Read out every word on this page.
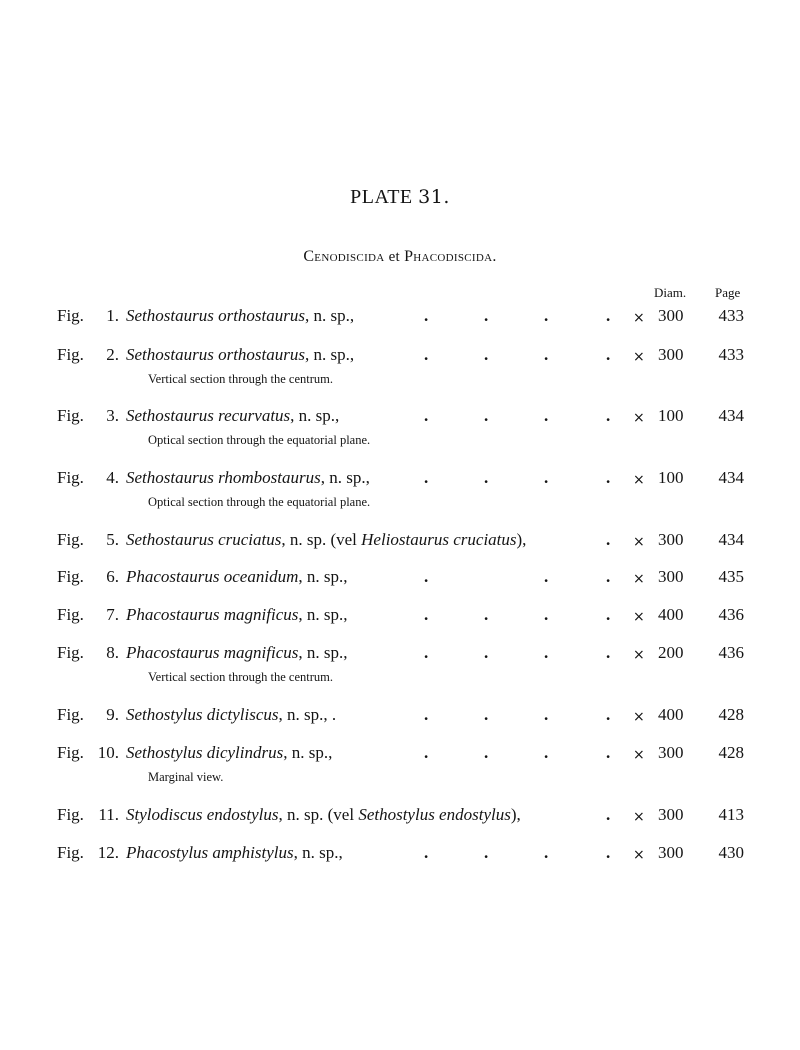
PLATE 31.
Cenodiscida et Phacodiscida.
Diam. Page
Fig.	1. Sethostaurus orthostaurus, n. sp.,	.	.	.	. × 300	433
Fig.	2. Sethostaurus orthostaurus, n. sp.,	.	.	.	. × 300	433
Vertical section through the centrum.
Fig.	3. Sethostaurus recurvatus, n. sp.,	.	.	.	. × 100	434
Optical section through the equatorial plane.
Fig.	4. Sethostaurus rhombostaurus, n. sp.,	.	.	.	. × 100	434
Optical section through the equatorial plane.
Fig.	5. Sethostaurus cruciatus, n. sp. (vel Heliostaurus cruciatus),	. × 300	434
Fig.	6. Phacostaurus oceanidum, n. sp.,	.	.	. × 300	435
Fig.	7. Phacostaurus magnificus, n. sp.,	.	.	.	. × 400	436
Fig.	8. Phacostaurus magnificus, n. sp.,	.	.	.	. × 200	436
Vertical section through the centrum.
Fig.	9. Sethostylus dictyliscus, n. sp., .	.	.	.	. × 400	428
Fig. 10. Sethostylus dicylindrus, n. sp.,	.	.	.	. × 300	428
Marginal view.
Fig. 11. Stylodiscus endostylus, n. sp. (vel Sethostylus endostylus),	. × 300	413
Fig. 12. Phacostylus amphistylus, n. sp.,	.	.	.	. × 300	430
